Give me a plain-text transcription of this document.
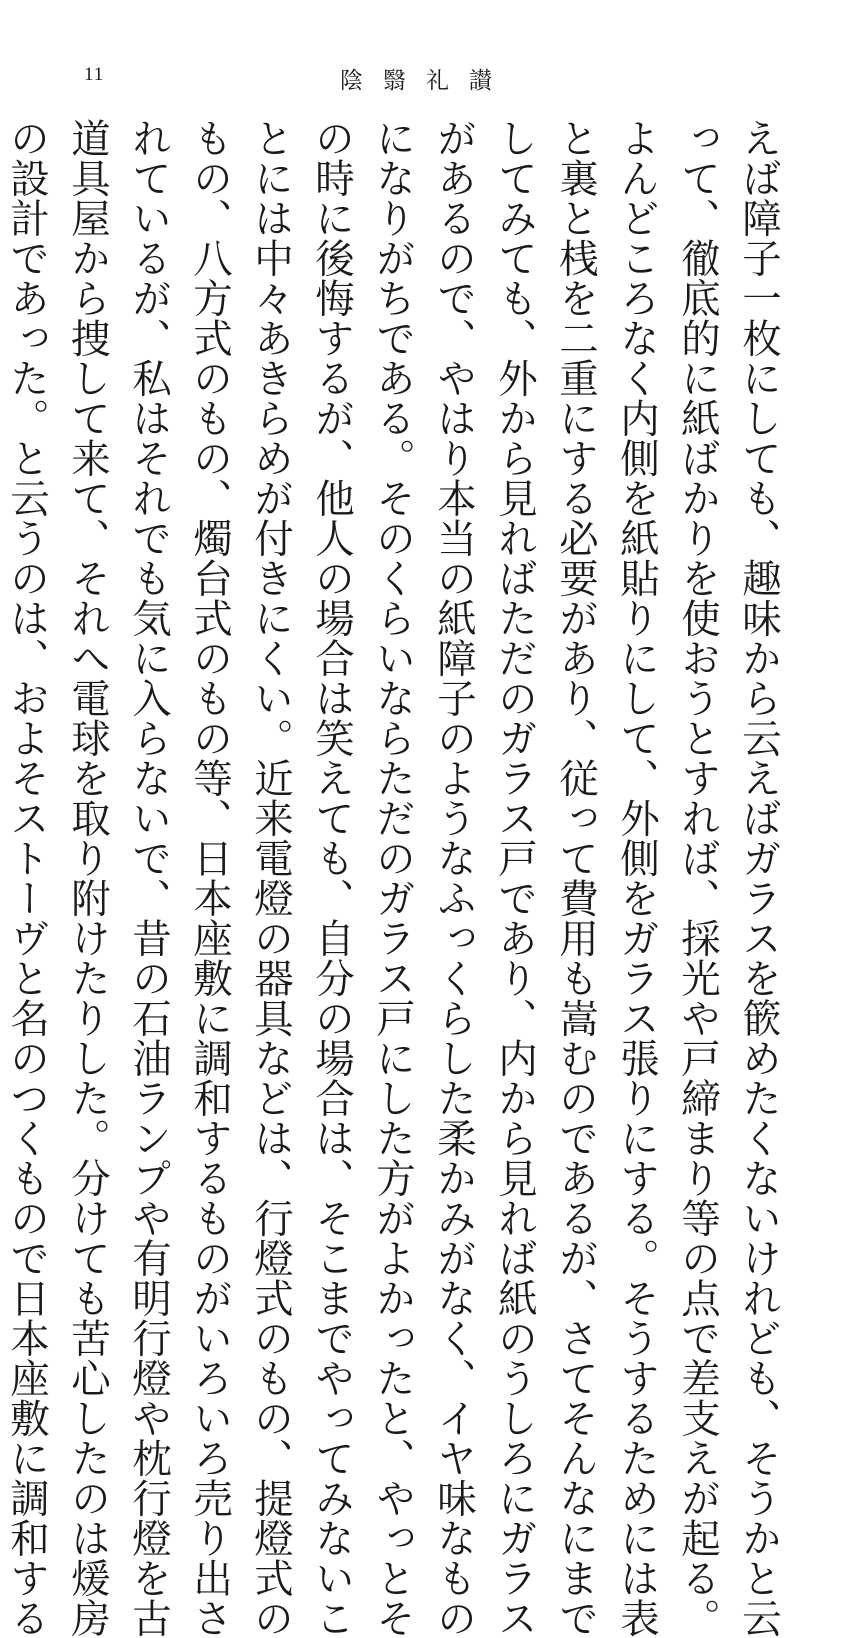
11	陰翳礼讃
えば障子一枚にしても、趣味から云えばガラスを篏めたくないけれども、そうかと云
って、徹底的に紙ばかりを使おうとすれば、採光や戸締まり等の点で差支えが起る。
よんどころなく内側を紙貼りにして、外側をガラス張りにする。そうするためには表
と裏と桟を二重にする必要があり、従って費用も嵩むのであるが、さてそんなにまで
してみても、外から見ればただのガラス戸であり、内から見れば紙のうしろにガラス
があるので、やはり本当の紙障子のようなふっくらした柔かみがなく、イヤ味なもの
になりがちである。そのくらいならただのガラス戸にした方がよかったと、やっとそ
の時に後悔するが、他人の場合は笑えても、自分の場合は、そこまでやってみないこ
とには中々あきらめが付きにくい。近来電燈の器具などは、行燈式のもの、提燈式の
もの、八方式のもの、燭台式のもの等、日本座敷に調和するものがいろいろ売り出さ
れているが、私はそれでも気に入らないで、昔の石油ランプや有明行燈や枕行燈を古
道具屋から捜して来て、それへ電球を取り附けたりした。分けても苦心したのは煖房
の設計であった。と云うのは、およそストーヴと名のつくもので日本座敷に調和する
